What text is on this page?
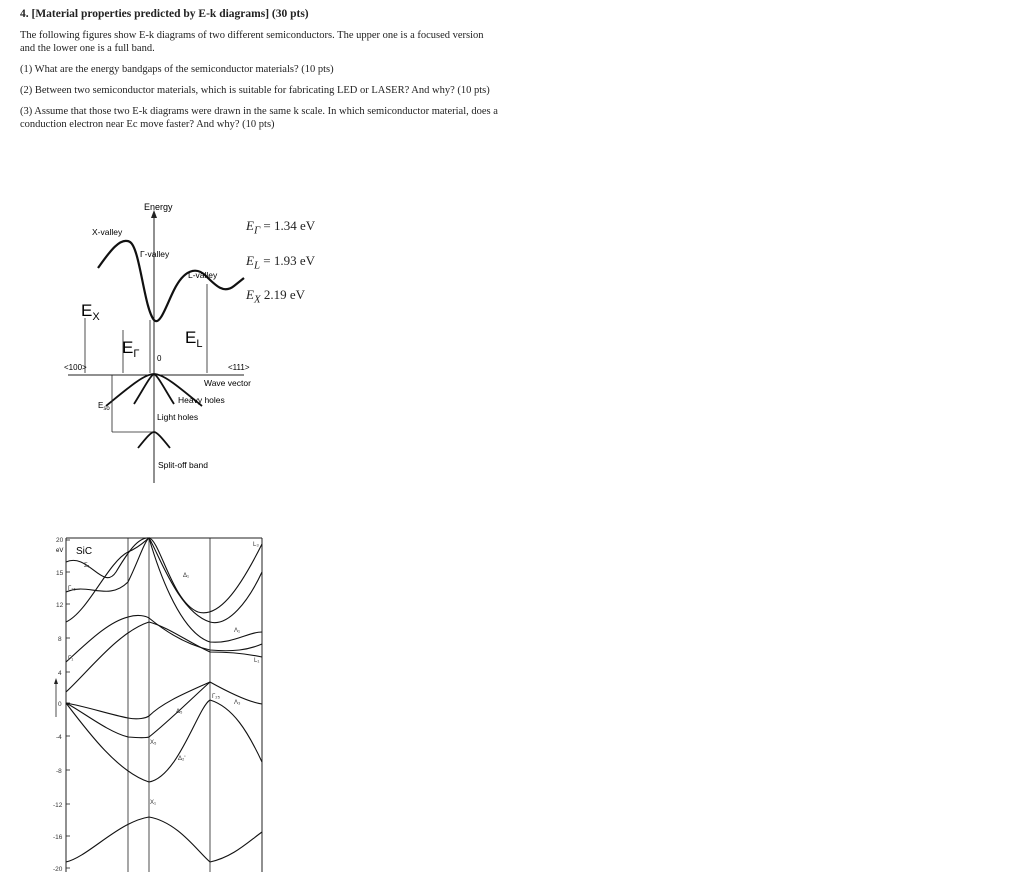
4. [Material properties predicted by E-k diagrams] (30 pts)

The following figures show E-k diagrams of two different semiconductors. The upper one is a focused version and the lower one is a full band.

(1) What are the energy bandgaps of the semiconductor materials? (10 pts)

(2) Between two semiconductor materials, which is suitable for fabricating LED or LASER? And why? (10 pts)

(3) Assume that those two E-k diagrams were drawn in the same k scale. In which semiconductor material, does a conduction electron near Ec move faster? And why? (10 pts)

Energy
X-valley
Γ-valley
L-valley
$E_X$
$E_\Gamma$
$E_L$
0
<100>	<111>
Wave vector
Heavy holes
$E_{so}$
Light holes
Split-off band
$E_\Gamma = 1.34$ eV
$E_L = 1.93$ eV
$E_X$ 2.19 eV
20
15
12
8
4
0
-4
-8
-12
-16
-20
eV SiC
Σ₁
Γ₁₅
Γ₁
Δ₁
Δ₅
Δ₂'
L₃
L₁
X₁
X₅
Γ₂₅
Λ₁
Λ₃
